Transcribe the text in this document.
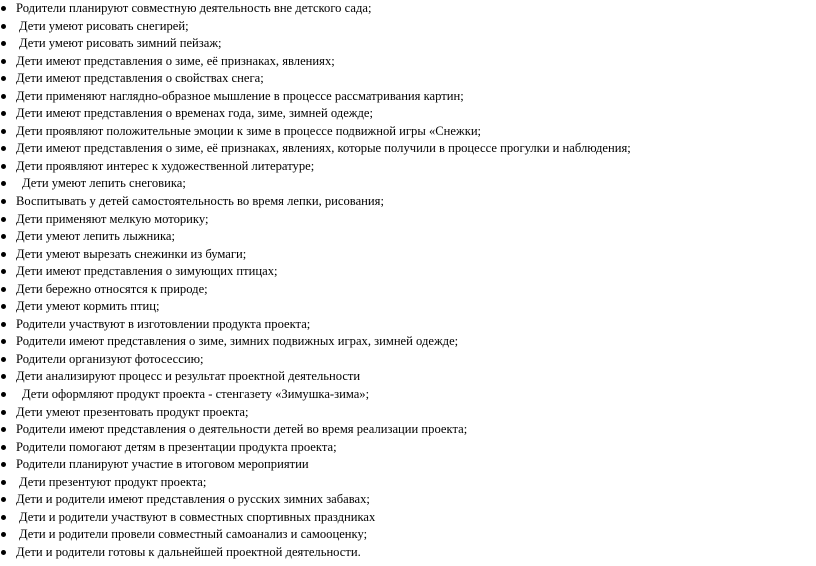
Родители планируют совместную деятельность вне детского сада;
Дети умеют рисовать снегирей;
Дети умеют рисовать зимний пейзаж;
Дети имеют представления о зиме, её признаках, явлениях;
Дети имеют представления о свойствах снега;
Дети применяют наглядно-образное мышление в процессе рассматривания картин;
Дети имеют представления о временах года, зиме, зимней одежде;
Дети проявляют положительные эмоции к зиме в процессе подвижной игры «Снежки;
Дети имеют представления о зиме, её признаках, явлениях, которые получили в процессе прогулки и наблюдения;
Дети проявляют интерес к художественной литературе;
Дети умеют лепить снеговика;
Воспитывать у детей самостоятельность во время лепки, рисования;
Дети применяют мелкую моторику;
Дети умеют лепить лыжника;
Дети умеют вырезать снежинки из бумаги;
Дети имеют представления о зимующих птицах;
Дети бережно относятся к природе;
Дети умеют кормить птиц;
Родители участвуют в изготовлении продукта проекта;
Родители имеют представления о зиме, зимних подвижных играх, зимней одежде;
Родители организуют фотосессию;
Дети анализируют процесс и результат проектной деятельности
Дети оформляют продукт проекта - стенгазету «Зимушка-зима»;
Дети умеют презентовать продукт проекта;
Родители имеют представления о деятельности детей во время реализации проекта;
Родители помогают детям в презентации продукта проекта;
Родители планируют участие в итоговом мероприятии
Дети презентуют продукт проекта;
Дети и родители имеют представления о русских зимних забавах;
Дети и родители участвуют в совместных спортивных праздниках
Дети и родители провели совместный самоанализ и самооценку;
Дети и родители готовы к дальнейшей проектной деятельности.
